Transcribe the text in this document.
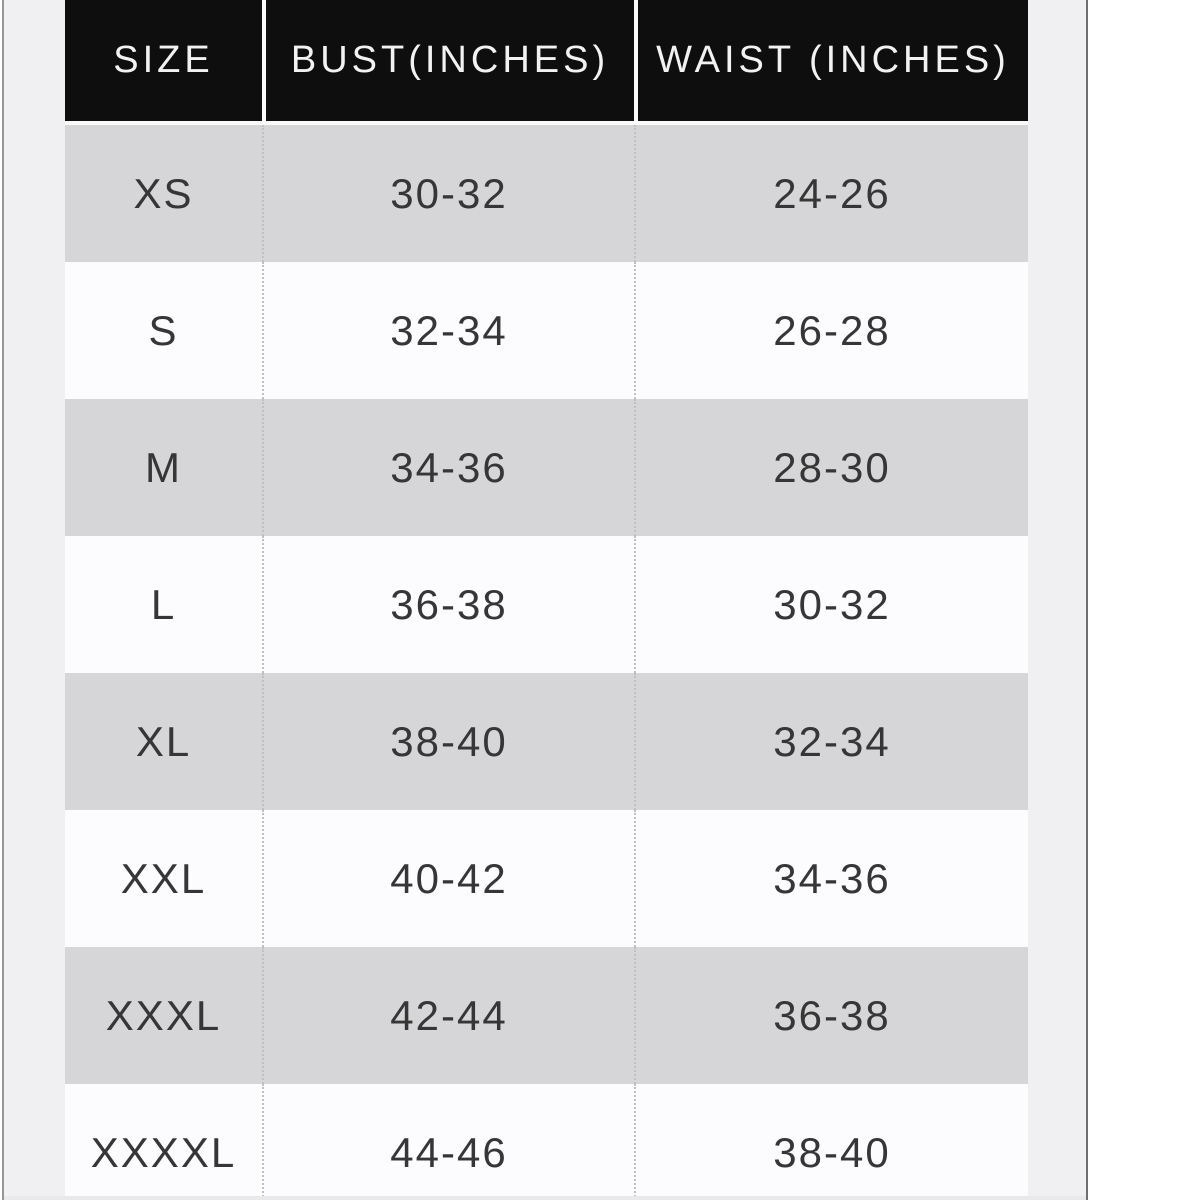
SIZE	BUST(INCHES)	WAIST (INCHES)
XS	30-32	24-26
S	32-34	26-28
M	34-36	28-30
L	36-38	30-32
XL	38-40	32-34
XXL	40-42	34-36
XXXL	42-44	36-38
XXXXL	44-46	38-40
